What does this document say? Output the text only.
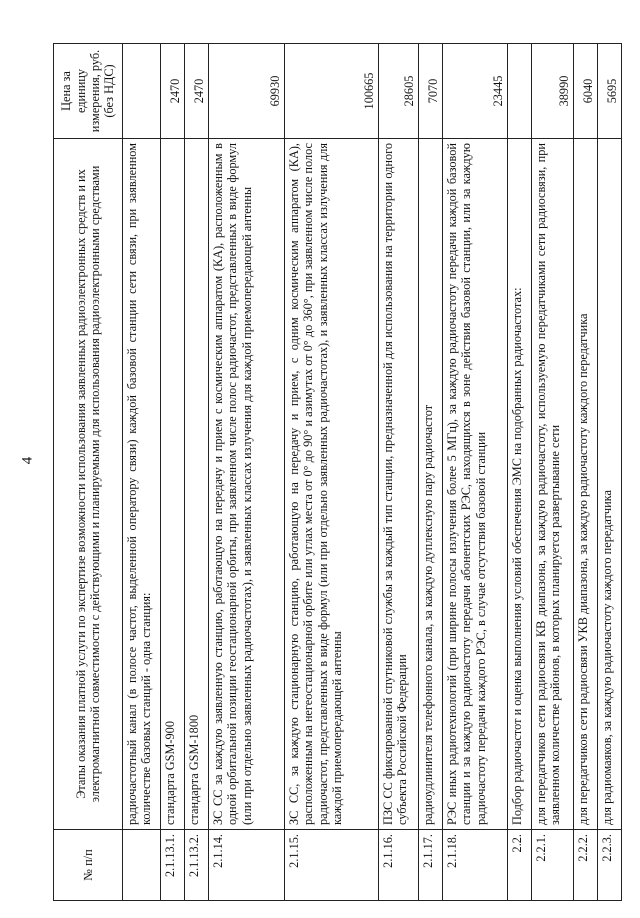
4
№ п/п	Этапы оказания платной услуги по экспертизе возможности использования заявленных радиоэлектронных средств и их электромагнитной совместимости с действующими и планируемыми для использования радиоэлектронными средствами	Цена за единицу измерения, руб. (без НДС)
	радиочастотный канал (в полосе частот, выделенной оператору связи) каждой базовой станции сети связи, при заявленном количестве базовых станций - одна станция:	
2.1.13.1.	стандарта GSM-900	2470
2.1.13.2.	стандарта GSM-1800	2470
2.1.14.	ЗС СС за каждую заявленную станцию, работающую на передачу и прием с космическим аппаратом (КА), расположенным в одной орбитальной позиции геостационарной орбиты, при заявленном числе полос радиочастот, представленных в виде формул (или при отдельно заявленных радиочастотах), и заявленных классах излучения для каждой приемопередающей антенны	69930
2.1.15.	ЗС СС, за каждую стационарную станцию, работающую на передачу и прием, с одним космическим аппаратом (КА), расположенным на негеостационарной орбите или углах места от 0° до 90° и азимутах от 0° до 360°, при заявленном числе полос радиочастот, представленных в виде формул (или при отдельно заявленных радиочастотах), и заявленных классах излучения для каждой приемопередающей антенны	100665
2.1.16.	ПЗС СС фиксированной спутниковой службы за каждый тип станции, предназначенной для использования на территории одного субъекта Российской Федерации	28605
2.1.17.	радиоудлинителя телефонного канала, за каждую дуплексную пару радиочастот	7070
2.1.18.	РЭС иных радиотехнологий (при ширине полосы излучения более 5 МГц), за каждую радиочастоту передачи каждой базовой станции и за каждую радиочастоту передачи абонентских РЭС, находящихся в зоне действия базовой станции, или за каждую радиочастоту передачи каждого РЭС, в случае отсутствия базовой станции	23445
2.2.	Подбор радиочастот и оценка выполнения условий обеспечения ЭМС на подобранных радиочастотах:	
2.2.1.	для передатчиков сети радиосвязи КВ диапазона, за каждую радиочастоту, используемую передатчиками сети радиосвязи, при заявленном количестве районов, в которых планируется развертывание сети	38990
2.2.2.	для передатчиков сети радиосвязи УКВ диапазона, за каждую радиочастоту каждого передатчика	6040
2.2.3.	для радиомаяков, за каждую радиочастоту каждого передатчика	5695
